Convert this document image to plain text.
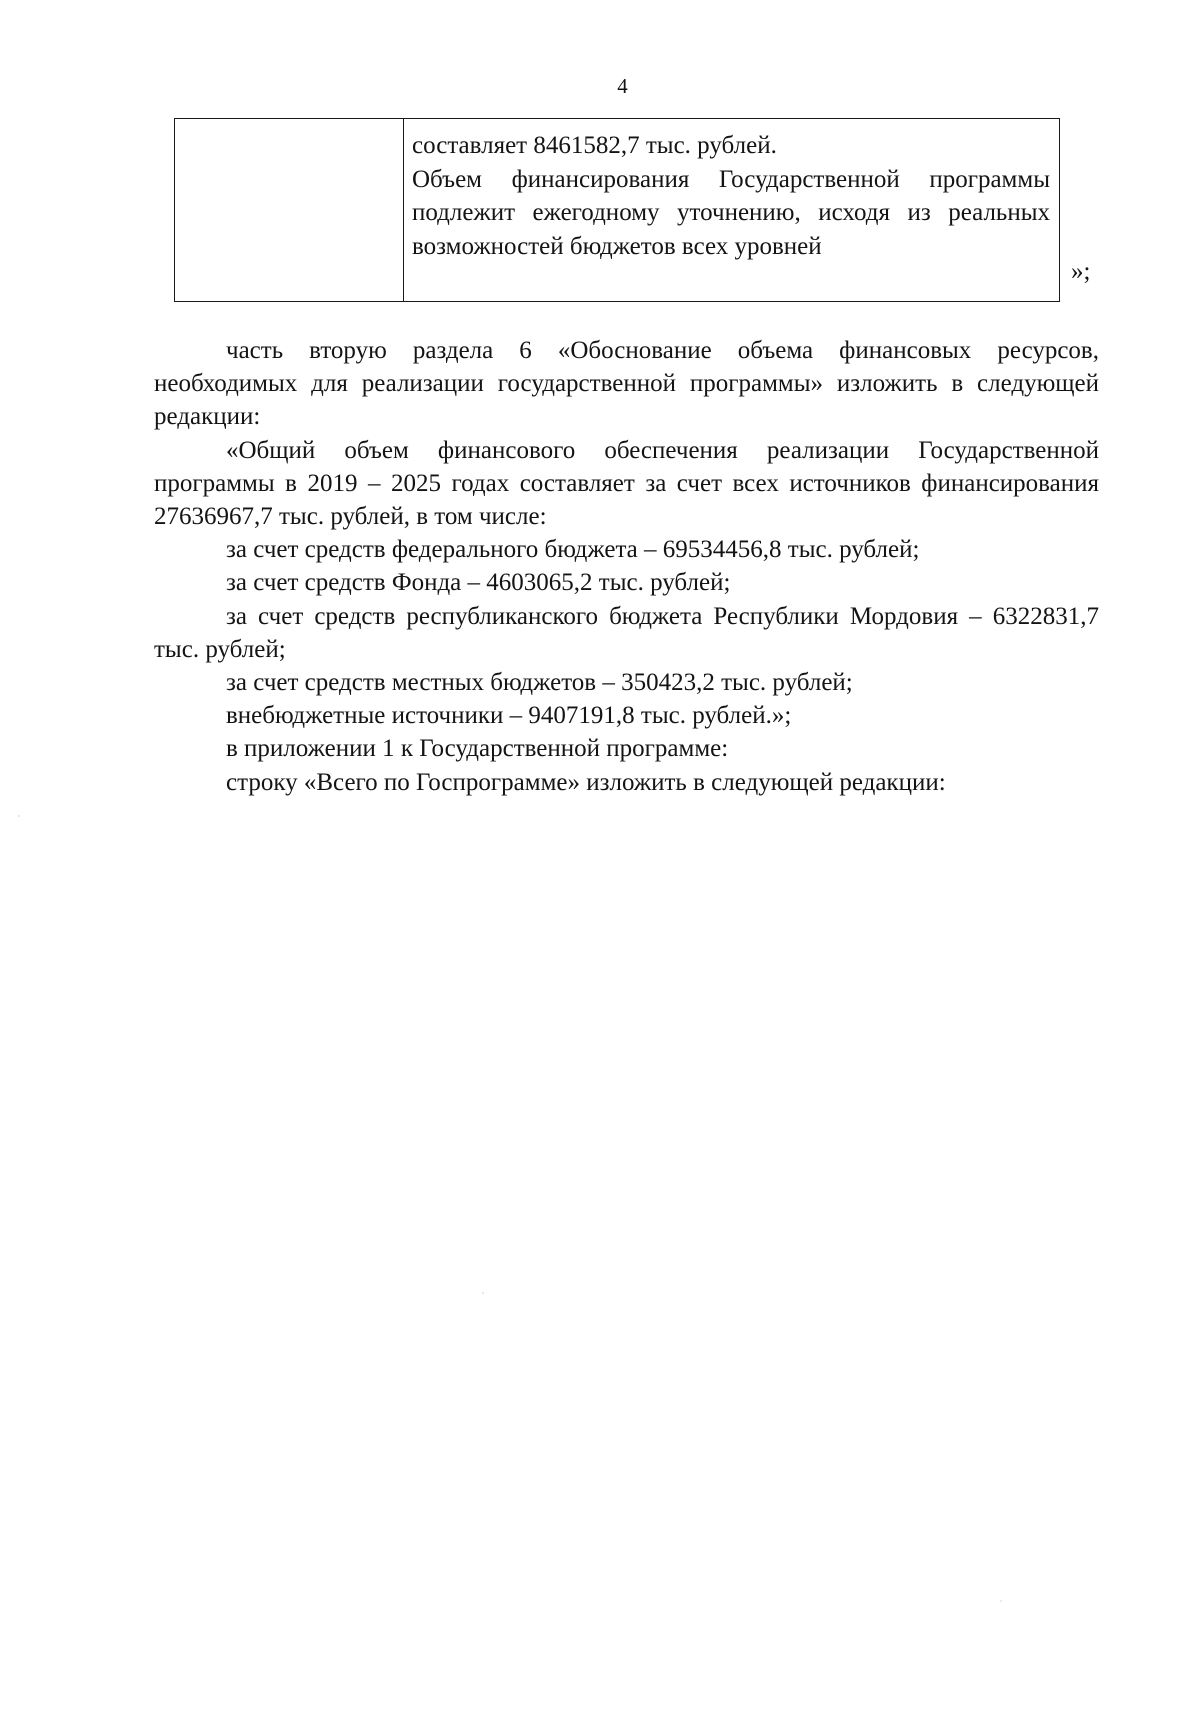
4

составляет 8461582,7 тыс. рублей.
Объем финансирования Государственной программы подлежит ежегодному уточнению, исходя из реальных возможностей бюджетов всех уровней
»;

часть вторую раздела 6 «Обоснование объема финансовых ресурсов, необходимых для реализации государственной программы» изложить в следующей редакции:

«Общий объем финансового обеспечения реализации Государственной программы в 2019 – 2025 годах составляет за счет всех источников финансирования 27636967,7 тыс. рублей, в том числе:

за счет средств федерального бюджета – 69534456,8 тыс. рублей;

за счет средств Фонда – 4603065,2 тыс. рублей;

за счет средств республиканского бюджета Республики Мордовия – 6322831,7 тыс. рублей;

за счет средств местных бюджетов – 350423,2 тыс. рублей;

внебюджетные источники – 9407191,8 тыс. рублей.»;

в приложении 1 к Государственной программе:

строку «Всего по Госпрограмме» изложить в следующей редакции:
